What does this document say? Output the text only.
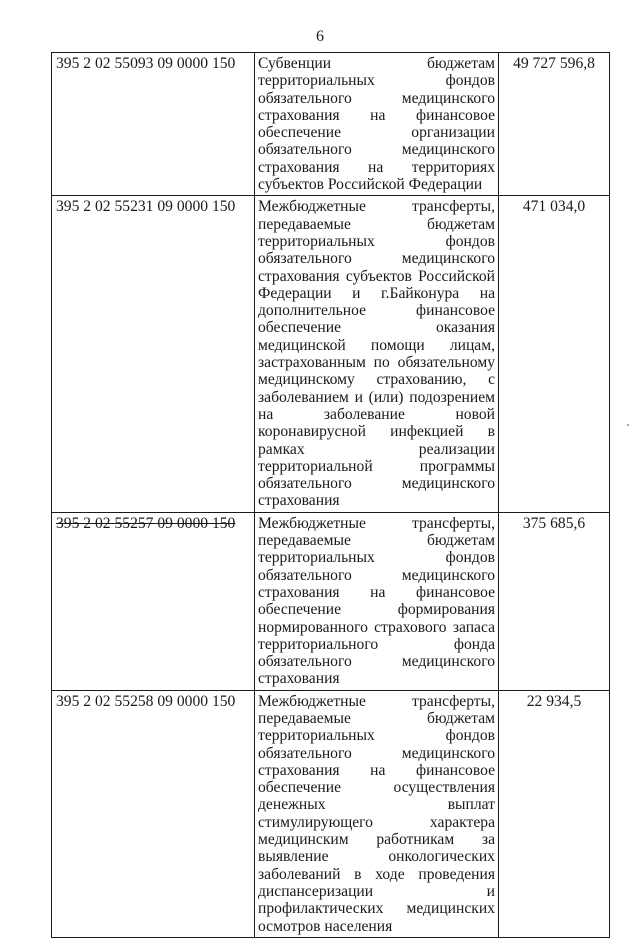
6
395 2 02 55093 09 0000 150	Субвенции бюджетам территориальных фондов обязательного медицинского страхования на финансовое обеспечение организации обязательного медицинского страхования на территориях субъектов Российской Федерации	49 727 596,8
395 2 02 55231 09 0000 150	Межбюджетные трансферты, передаваемые бюджетам территориальных фондов обязательного медицинского страхования субъектов Российской Федерации и г.Байконура на дополнительное финансовое обеспечение оказания медицинской помощи лицам, застрахованным по обязательному медицинскому страхованию, с заболеванием и (или) подозрением на заболевание новой коронавирусной инфекцией в рамках реализации территориальной программы обязательного медицинского страхования	471 034,0
395 2 02 55257 09 0000 150	Межбюджетные трансферты, передаваемые бюджетам территориальных фондов обязательного медицинского страхования на финансовое обеспечение формирования нормированного страхового запаса территориального фонда обязательного медицинского страхования	375 685,6
395 2 02 55258 09 0000 150	Межбюджетные трансферты, передаваемые бюджетам территориальных фондов обязательного медицинского страхования на финансовое обеспечение осуществления денежных выплат стимулирующего характера медицинским работникам за выявление онкологических заболеваний в ходе проведения диспансеризации и профилактических медицинских осмотров населения	22 934,5
